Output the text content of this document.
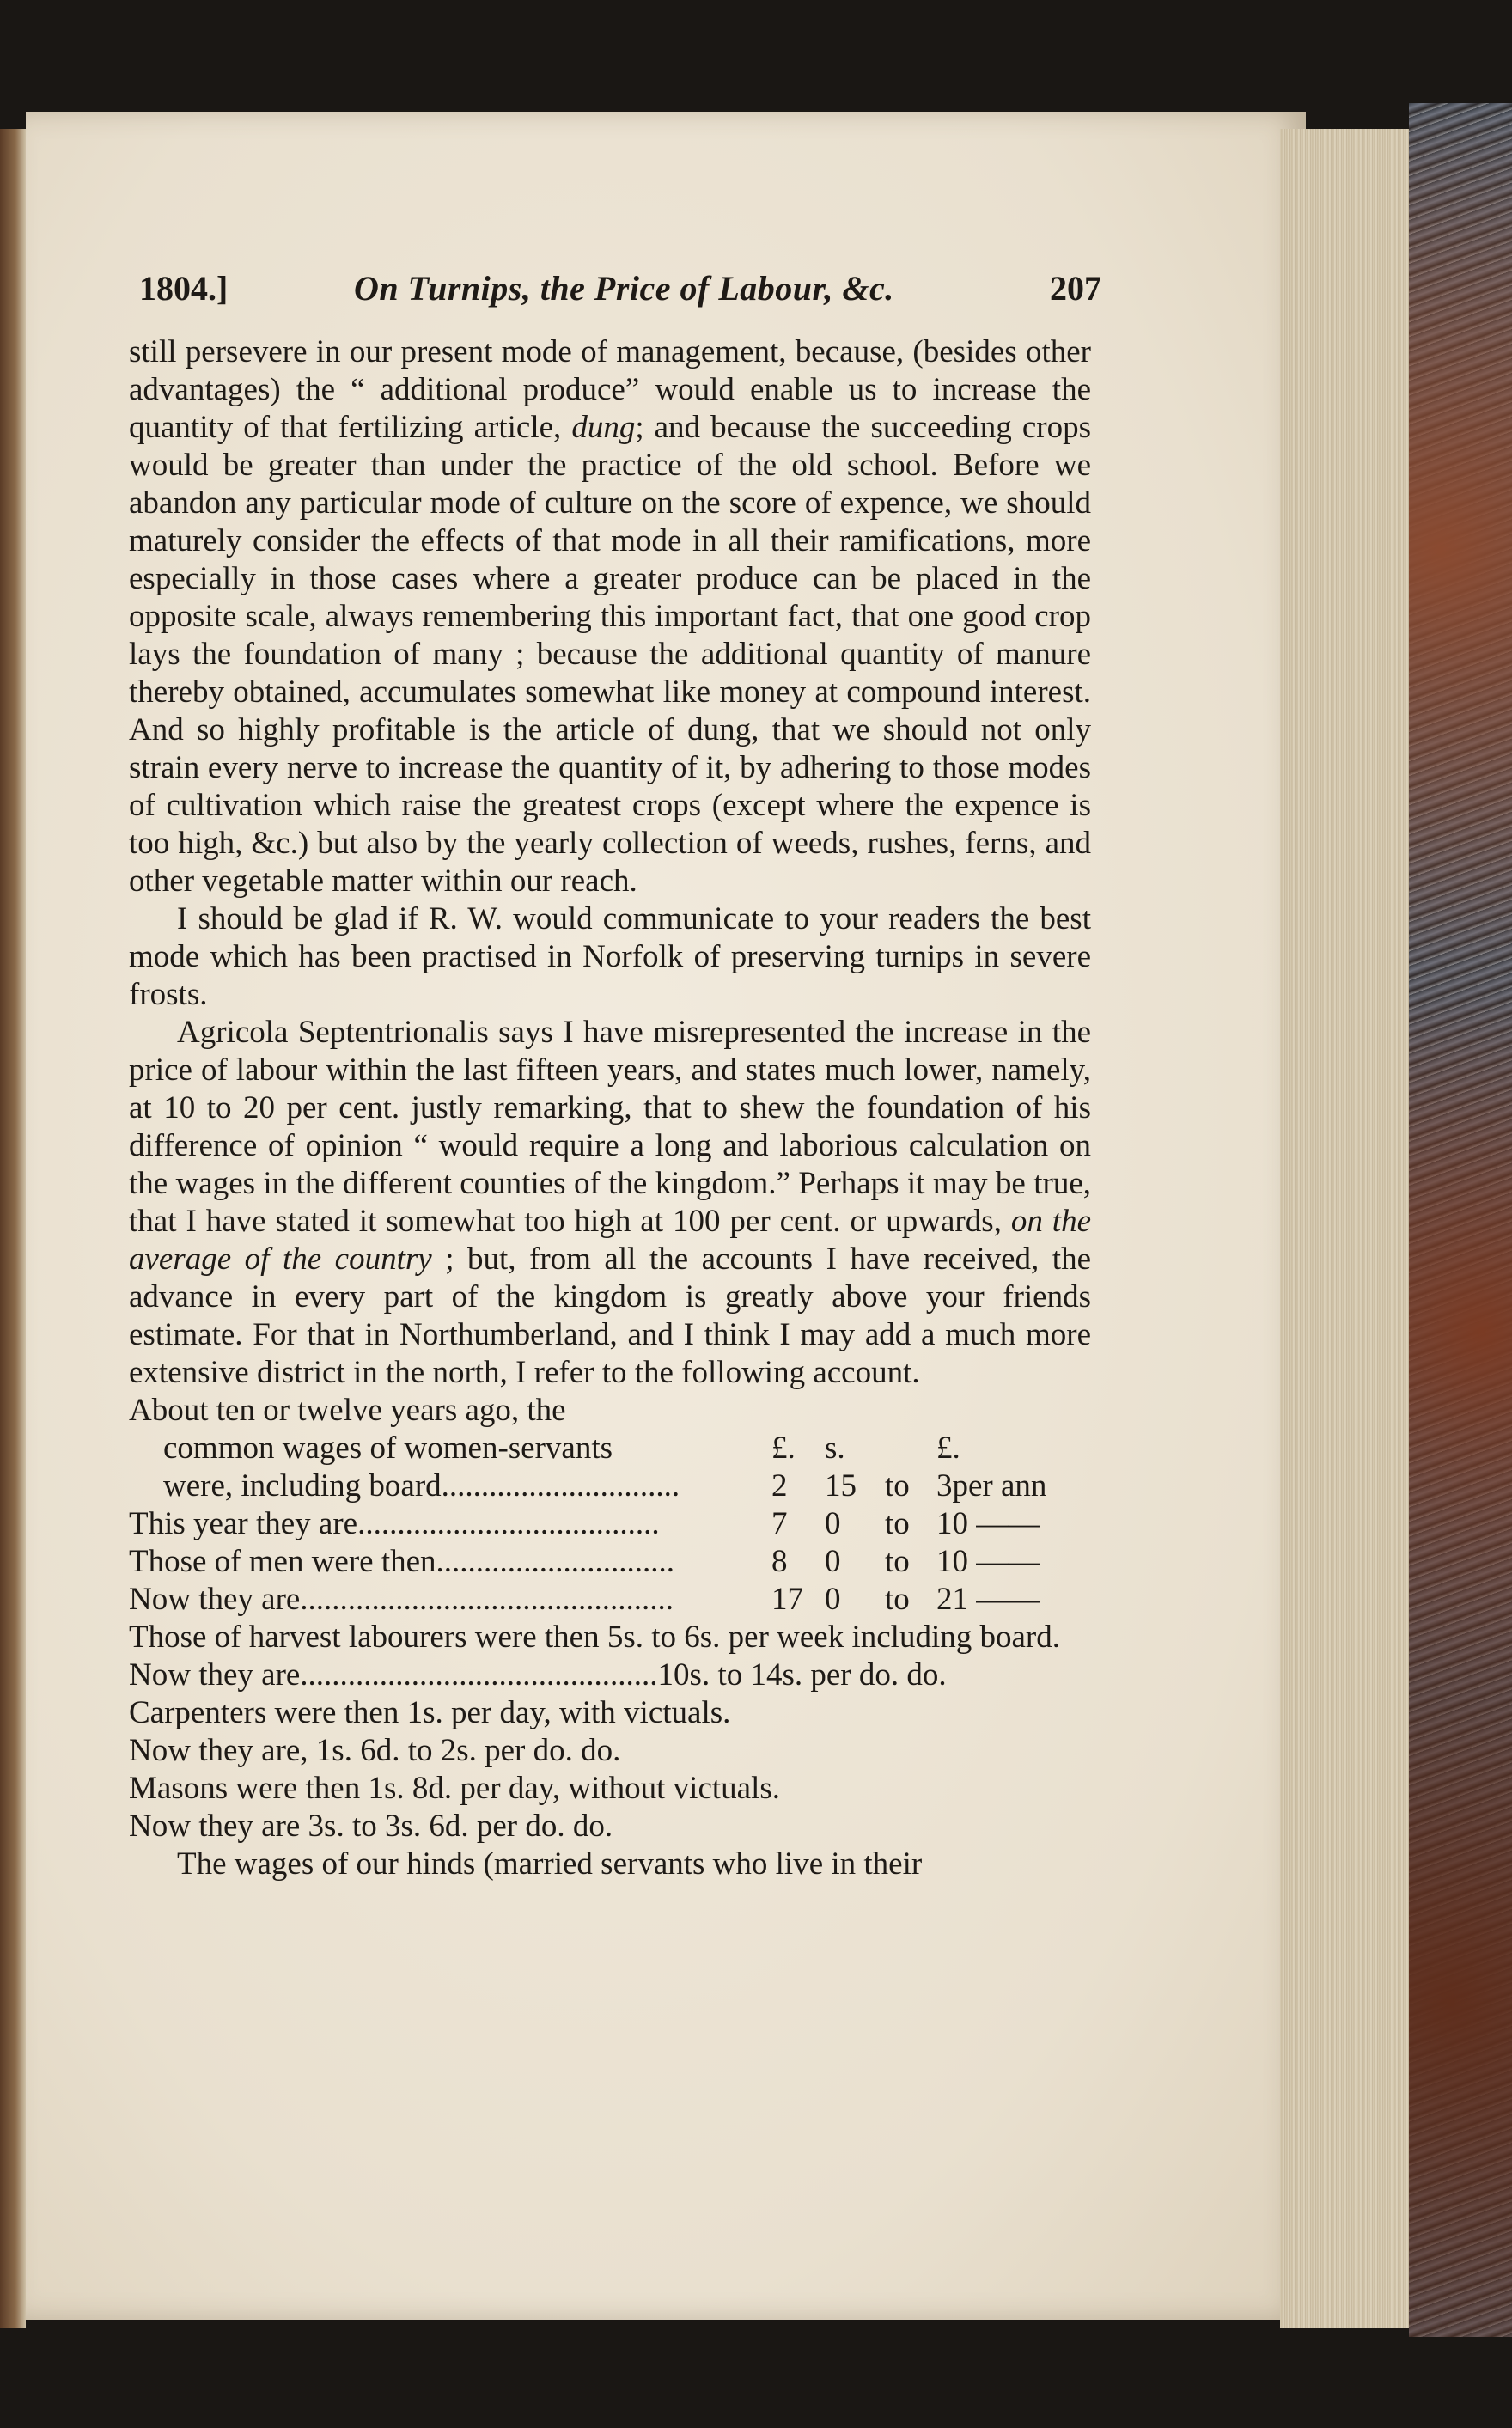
1804.]	On Turnips, the Price of Labour, &c.	207

still persevere in our present mode of management, because, (besides other advantages) the “ additional produce” would enable us to increase the quantity of that fertilizing article, dung; and because the succeeding crops would be greater than under the practice of the old school. Before we abandon any particular mode of culture on the score of expence, we should maturely consider the effects of that mode in all their ramifications, more especially in those cases where a greater produce can be placed in the opposite scale, always remembering this important fact, that one good crop lays the foundation of many ; because the additional quantity of manure thereby obtained, accumulates somewhat like money at compound interest. And so highly profitable is the article of dung, that we should not only strain every nerve to increase the quantity of it, by adhering to those modes of cultivation which raise the greatest crops (except where the expence is too high, &c.) but also by the yearly collection of weeds, rushes, ferns, and other vegetable matter within our reach.

I should be glad if R. W. would communicate to your readers the best mode which has been practised in Norfolk of preserving turnips in severe frosts.

Agricola Septentrionalis says I have misrepresented the increase in the price of labour within the last fifteen years, and states much lower, namely, at 10 to 20 per cent. justly remarking, that to shew the foundation of his difference of opinion “ would require a long and laborious calculation on the wages in the different counties of the kingdom.” Perhaps it may be true, that I have stated it somewhat too high at 100 per cent. or upwards, on the average of the country ; but, from all the accounts I have received, the advance in every part of the kingdom is greatly above your friends estimate. For that in Northumberland, and I think I may add a much more extensive district in the north, I refer to the following account.

About ten or twelve years ago, the
common wages of women-servants	£. s.	£.
were, including board..............................	2 15 to 3per ann
This year they are......................................	7 0 to 10 ——
Those of men were then..............................	8 0 to 10 ——
Now they are...............................................	17 0 to 21 ——

Those of harvest labourers were then 5s. to 6s. per week including board.

Now they are.............................................10s. to 14s. per do. do.

Carpenters were then 1s. per day, with victuals.

Now they are, 1s. 6d. to 2s. per do. do.

Masons were then 1s. 8d. per day, without victuals.

Now they are 3s. to 3s. 6d. per do. do.

The wages of our hinds (married servants who live in their
